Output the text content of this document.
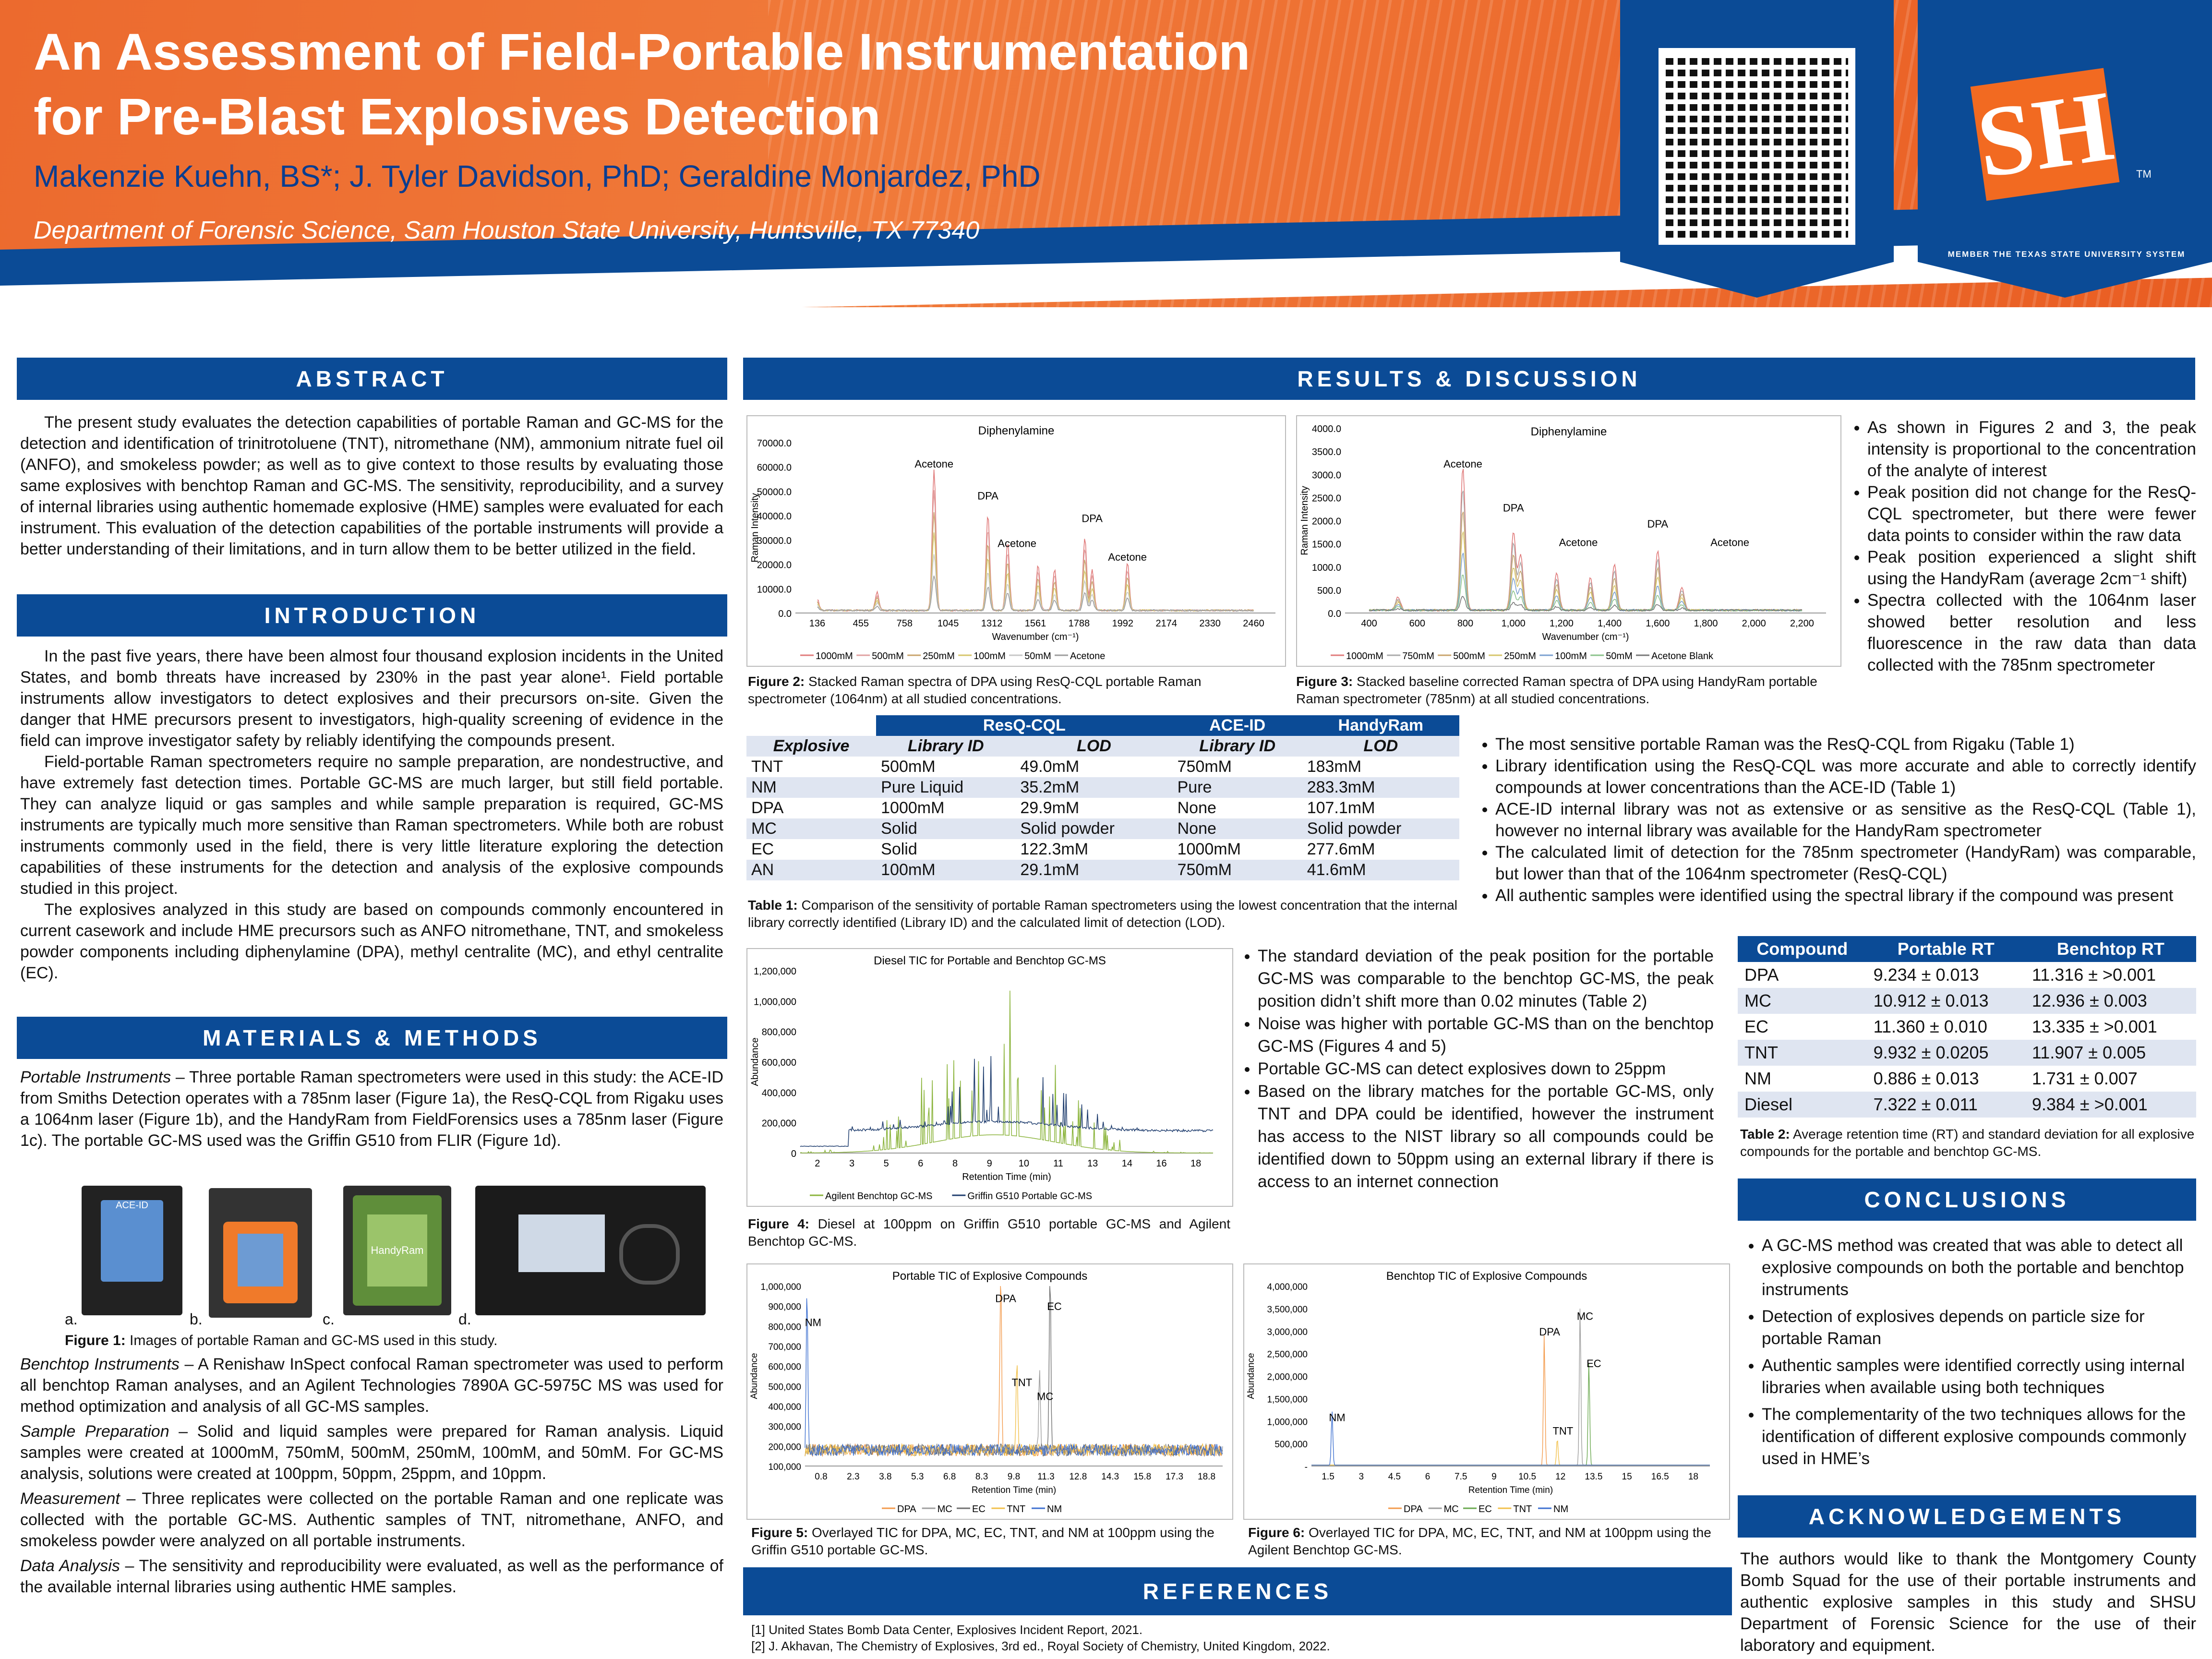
An Assessment of Field-Portable Instrumentation
for Pre-Blast Explosives Detection
Makenzie Kuehn, BS*; J. Tyler Davidson, PhD; Geraldine Monjardez, PhD
Department of Forensic Science, Sam Houston State University, Huntsville, TX 77340
SH TM
MEMBER THE TEXAS STATE UNIVERSITY SYSTEM
ABSTRACT

The present study evaluates the detection capabilities of portable Raman and GC-MS for the detection and identification of trinitrotoluene (TNT), nitromethane (NM), ammonium nitrate fuel oil (ANFO), and smokeless powder; as well as to give context to those results by evaluating those same explosives with benchtop Raman and GC-MS. The sensitivity, reproducibility, and a survey of internal libraries using authentic homemade explosive (HME) samples were evaluated for each instrument. This evaluation of the detection capabilities of the portable instruments will provide a better understanding of their limitations, and in turn allow them to be better utilized in the field.

INTRODUCTION

In the past five years, there have been almost four thousand explosion incidents in the United States, and bomb threats have increased by 230% in the past year alone¹. Field portable instruments allow investigators to detect explosives and their precursors on-site. Given the danger that HME precursors present to investigators, high-quality screening of evidence in the field can improve investigator safety by reliably identifying the compounds present.

Field-portable Raman spectrometers require no sample preparation, are nondestructive, and have extremely fast detection times. Portable GC-MS are much larger, but still field portable. They can analyze liquid or gas samples and while sample preparation is required, GC-MS instruments are typically much more sensitive than Raman spectrometers. While both are robust instruments commonly used in the field, there is very little literature exploring the detection capabilities of these instruments for the detection and analysis of the explosive compounds studied in this project.

The explosives analyzed in this study are based on compounds commonly encountered in current casework and include HME precursors such as ANFO nitromethane, TNT, and smokeless powder components including diphenylamine (DPA), methyl centralite (MC), and ethyl centralite (EC).

MATERIALS & METHODS

Portable Instruments – Three portable Raman spectrometers were used in this study: the ACE-ID from Smiths Detection operates with a 785nm laser (Figure 1a), the ResQ-CQL from Rigaku uses a 1064nm laser (Figure 1b), and the HandyRam from FieldForensics uses a 785nm laser (Figure 1c). The portable GC-MS used was the Griffin G510 from FLIR (Figure 1d).

ACE-ID
HandyRam
a.	b.	c.	d.
Figure 1: Images of portable Raman and GC-MS used in this study.

Benchtop Instruments – A Renishaw InSpect confocal Raman spectrometer was used to perform all benchtop Raman analyses, and an Agilent Technologies 7890A GC-5975C MS was used for method optimization and analysis of all GC-MS samples.

Sample Preparation – Solid and liquid samples were prepared for Raman analysis. Liquid samples were created at 1000mM, 750mM, 500mM, 250mM, 100mM, and 50mM. For GC-MS analysis, solutions were created at 100ppm, 50ppm, 25ppm, and 10ppm.

Measurement – Three replicates were collected on the portable Raman and one replicate was collected with the portable GC-MS. Authentic samples of TNT, nitromethane, ANFO, and smokeless powder were analyzed on all portable instruments.

Data Analysis – The sensitivity and reproducibility were evaluated, as well as the performance of the available internal libraries using authentic HME samples.

RESULTS & DISCUSSION
Diphenylamine
0.0
10000.0
20000.0
30000.0
40000.0
50000.0
60000.0
70000.0
136	455	758	1045 1312 1561 1788 1992 2174 2330 2460
Wavenumber (cm⁻¹)
Raman Intensity
1000mM 500mM 250mM 100mM 50mM Acetone
Acetone
DPA
Acetone
DPA
Acetone
Figure 2: Stacked Raman spectra of DPA using ResQ-CQL portable Raman spectrometer (1064nm) at all studied concentrations.
Diphenylamine
0.0
500.0
1000.0
1500.0
2000.0
2500.0
3000.0
3500.0
4000.0
400	600	800	1,000	1,200	1,400	1,600	1,800	2,000	2,200
Wavenumber (cm⁻¹)
Raman Intensity
1000mM 750mM 500mM 250mM 100mM 50mM Acetone Blank
Acetone
DPA
Acetone
DPA
Acetone
Figure 3: Stacked baseline corrected Raman spectra of DPA using HandyRam portable Raman spectrometer (785nm) at all studied concentrations.
• As shown in Figures 2 and 3, the peak intensity is proportional to the concentration of the analyte of interest
• Peak position did not change for the ResQ-CQL spectrometer, but there were fewer data points to consider within the raw data
• Peak position experienced a slight shift using the HandyRam (average 2cm⁻¹ shift)
• Spectra collected with the 1064nm laser showed better resolution and less fluorescence in the raw data than data collected with the 785nm spectrometer
	ResQ-CQL		ACE-ID	HandyRam
Explosive	Library ID	LOD	Library ID	LOD
TNT	500mM	49.0mM	750mM	183mM
NM	Pure Liquid	35.2mM	Pure	283.3mM
DPA	1000mM	29.9mM	None	107.1mM
MC	Solid	Solid powder	None	Solid powder
EC	Solid	122.3mM	1000mM	277.6mM
AN	100mM	29.1mM	750mM	41.6mM
Table 1: Comparison of the sensitivity of portable Raman spectrometers using the lowest concentration that the internal library correctly identified (Library ID) and the calculated limit of detection (LOD).
• The most sensitive portable Raman was the ResQ-CQL from Rigaku (Table 1)
• Library identification using the ResQ-CQL was more accurate and able to correctly identify compounds at lower concentrations than the ACE-ID (Table 1)
• ACE-ID internal library was not as extensive or as sensitive as the ResQ-CQL (Table 1), however no internal library was available for the HandyRam spectrometer
• The calculated limit of detection for the 785nm spectrometer (HandyRam) was comparable, but lower than that of the 1064nm spectrometer (ResQ-CQL)
• All authentic samples were identified using the spectral library if the compound was present
Diesel TIC for Portable and Benchtop GC-MS
0
200,000
400,000
600,000
800,000
1,000,000
1,200,000
2	3	5	6	8	9	10	11	13 14 16 18
Retention Time (min)
Abundance
Agilent Benchtop GC-MS	Griffin G510 Portable GC-MS
Figure 4: Diesel at 100ppm on Griffin G510 portable GC-MS and Agilent Benchtop GC-MS.
• The standard deviation of the peak position for the portable GC-MS was comparable to the benchtop GC-MS, the peak position didn’t shift more than 0.02 minutes (Table 2)
• Noise was higher with portable GC-MS than on the benchtop GC-MS (Figures 4 and 5)
• Portable GC-MS can detect explosives down to 25ppm
• Based on the library matches for the portable GC-MS, only TNT and DPA could be identified, however the instrument has access to the NIST library so all compounds could be identified down to 50ppm using an external library if there is access to an internet connection
Compound	Portable RT	Benchtop RT
DPA	9.234 ± 0.013	11.316 ± >0.001
MC	10.912 ± 0.013	12.936 ± 0.003
EC	11.360 ± 0.010	13.335 ± >0.001
TNT	9.932 ± 0.0205	11.907 ± 0.005
NM	0.886 ± 0.013	1.731 ± 0.007
Diesel	7.322 ± 0.011	9.384 ± >0.001
Table 2: Average retention time (RT) and standard deviation for all explosive compounds for the portable and benchtop GC-MS.
Portable TIC of Explosive Compounds
100,000
200,000
300,000
400,000
500,000
600,000
700,000
800,000
900,000
1,000,000
0.8 2.3 3.8 5.3 6.8 8.3 9.8 11.3 12.8 14.3 15.8 17.3 18.8
Retention Time (min)
Abundance
DPA MC EC TNT NM
NM
DPA
EC
TNT
MC
Figure 5: Overlayed TIC for DPA, MC, EC, TNT, and NM at 100ppm using the Griffin G510 portable GC-MS.
Benchtop TIC of Explosive Compounds
-
500,000
1,000,000
1,500,000
2,000,000
2,500,000
3,000,000
3,500,000
4,000,000
1.5	3	4.5	6	7.5	9 10.5 12 13.5 15 16.5 18
Retention Time (min)
Abundance
DPA MC EC TNT NM
NM
DPA
MC
EC
TNT
Figure 6: Overlayed TIC for DPA, MC, EC, TNT, and NM at 100ppm using the Agilent Benchtop GC-MS.
CONCLUSIONS
• A GC-MS method was created that was able to detect all explosive compounds on both the portable and benchtop instruments
• Detection of explosives depends on particle size for portable Raman
• Authentic samples were identified correctly using internal libraries when available using both techniques
• The complementarity of the two techniques allows for the identification of different explosive compounds commonly used in HME’s
ACKNOWLEDGEMENTS
The authors would like to thank the Montgomery County Bomb Squad for the use of their portable instruments and authentic explosive samples in this study and SHSU Department of Forensic Science for the use of their laboratory and equipment.
REFERENCES
[1] United States Bomb Data Center, Explosives Incident Report, 2021.
[2] J. Akhavan, The Chemistry of Explosives, 3rd ed., Royal Society of Chemistry, United Kingdom, 2022.
